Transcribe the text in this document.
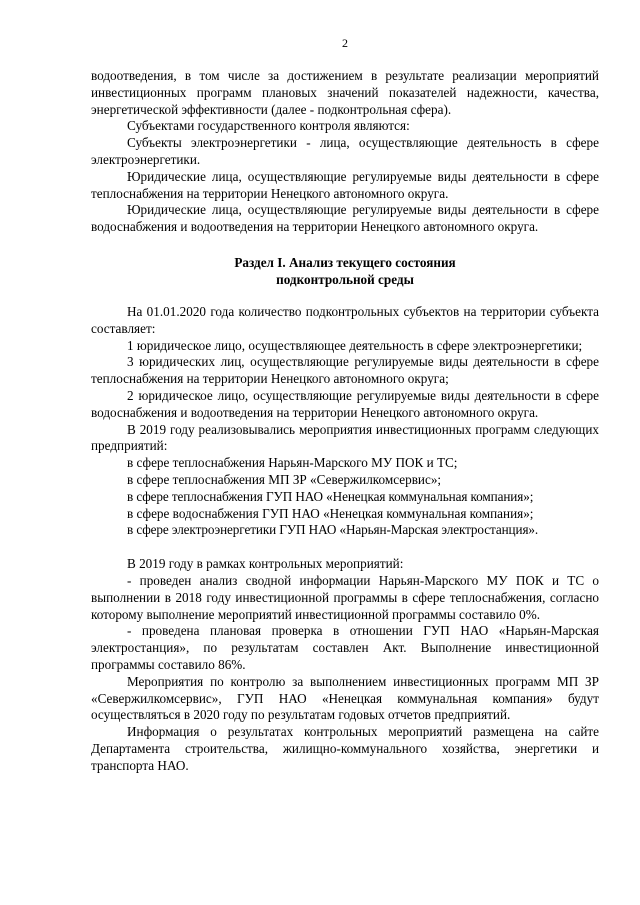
2

водоотведения, в том числе за достижением в результате реализации мероприятий инвестиционных программ плановых значений показателей надежности, качества, энергетической эффективности (далее - подконтрольная сфера).

Субъектами государственного контроля являются:

Субъекты электроэнергетики - лица, осуществляющие деятельность в сфере электроэнергетики.

Юридические лица, осуществляющие регулируемые виды деятельности в сфере теплоснабжения на территории Ненецкого автономного округа.

Юридические лица, осуществляющие регулируемые виды деятельности в сфере водоснабжения и водоотведения на территории Ненецкого автономного округа.

Раздел I. Анализ текущего состояния
подконтрольной среды

На 01.01.2020 года количество подконтрольных субъектов на территории субъекта составляет:

1 юридическое лицо, осуществляющее деятельность в сфере электроэнергетики;

3 юридических лиц, осуществляющие регулируемые виды деятельности в сфере теплоснабжения на территории Ненецкого автономного округа;

2 юридическое лицо, осуществляющие регулируемые виды деятельности в сфере водоснабжения и водоотведения на территории Ненецкого автономного округа.

В 2019 году реализовывались мероприятия инвестиционных программ следующих предприятий:

в сфере теплоснабжения Нарьян-Марского МУ ПОК и ТС;

в сфере теплоснабжения МП ЗР «Севержилкомсервис»;

в сфере теплоснабжения ГУП НАО «Ненецкая коммунальная компания»;

в сфере водоснабжения ГУП НАО «Ненецкая коммунальная компания»;

в сфере электроэнергетики ГУП НАО «Нарьян-Марская электростанция».

В 2019 году в рамках контрольных мероприятий:

- проведен анализ сводной информации Нарьян-Марского МУ ПОК и ТС о выполнении в 2018 году инвестиционной программы в сфере теплоснабжения, согласно которому выполнение мероприятий инвестиционной программы составило 0%.

- проведена плановая проверка в отношении ГУП НАО «Нарьян-Марская электростанция», по результатам составлен Акт. Выполнение инвестиционной программы составило 86%.

Мероприятия по контролю за выполнением инвестиционных программ МП ЗР «Севержилкомсервис», ГУП НАО «Ненецкая коммунальная компания» будут осуществляться в 2020 году по результатам годовых отчетов предприятий.

Информация о результатах контрольных мероприятий размещена на сайте Департамента строительства, жилищно-коммунального хозяйства, энергетики и транспорта НАО.
